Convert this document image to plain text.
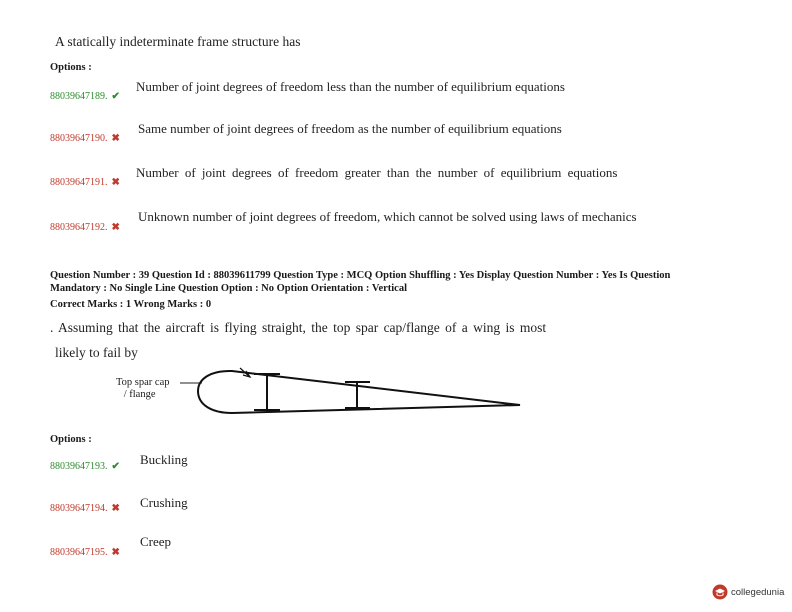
A statically indeterminate frame structure has
Options :
88039647189. ✔
Number of joint degrees of freedom less than the number of equilibrium equations
88039647190. ✖
Same number of joint degrees of freedom as the number of equilibrium equations
88039647191. ✖
Number of joint degrees of freedom greater than the number of equilibrium equations
88039647192. ✖
Unknown number of joint degrees of freedom, which cannot be solved using laws of mechanics
Question Number : 39 Question Id : 88039611799 Question Type : MCQ Option Shuffling : Yes Display Question Number : Yes Is Question
Mandatory : No Single Line Question Option : No Option Orientation : Vertical
Correct Marks : 1 Wrong Marks : 0
. Assuming that the aircraft is flying straight, the top spar cap/flange of a wing is most
likely to fail by
Top spar cap
/ flange
Options :
88039647193. ✔ Buckling
88039647194. ✖ Crushing
88039647195. ✖
Creep
collegedunia
